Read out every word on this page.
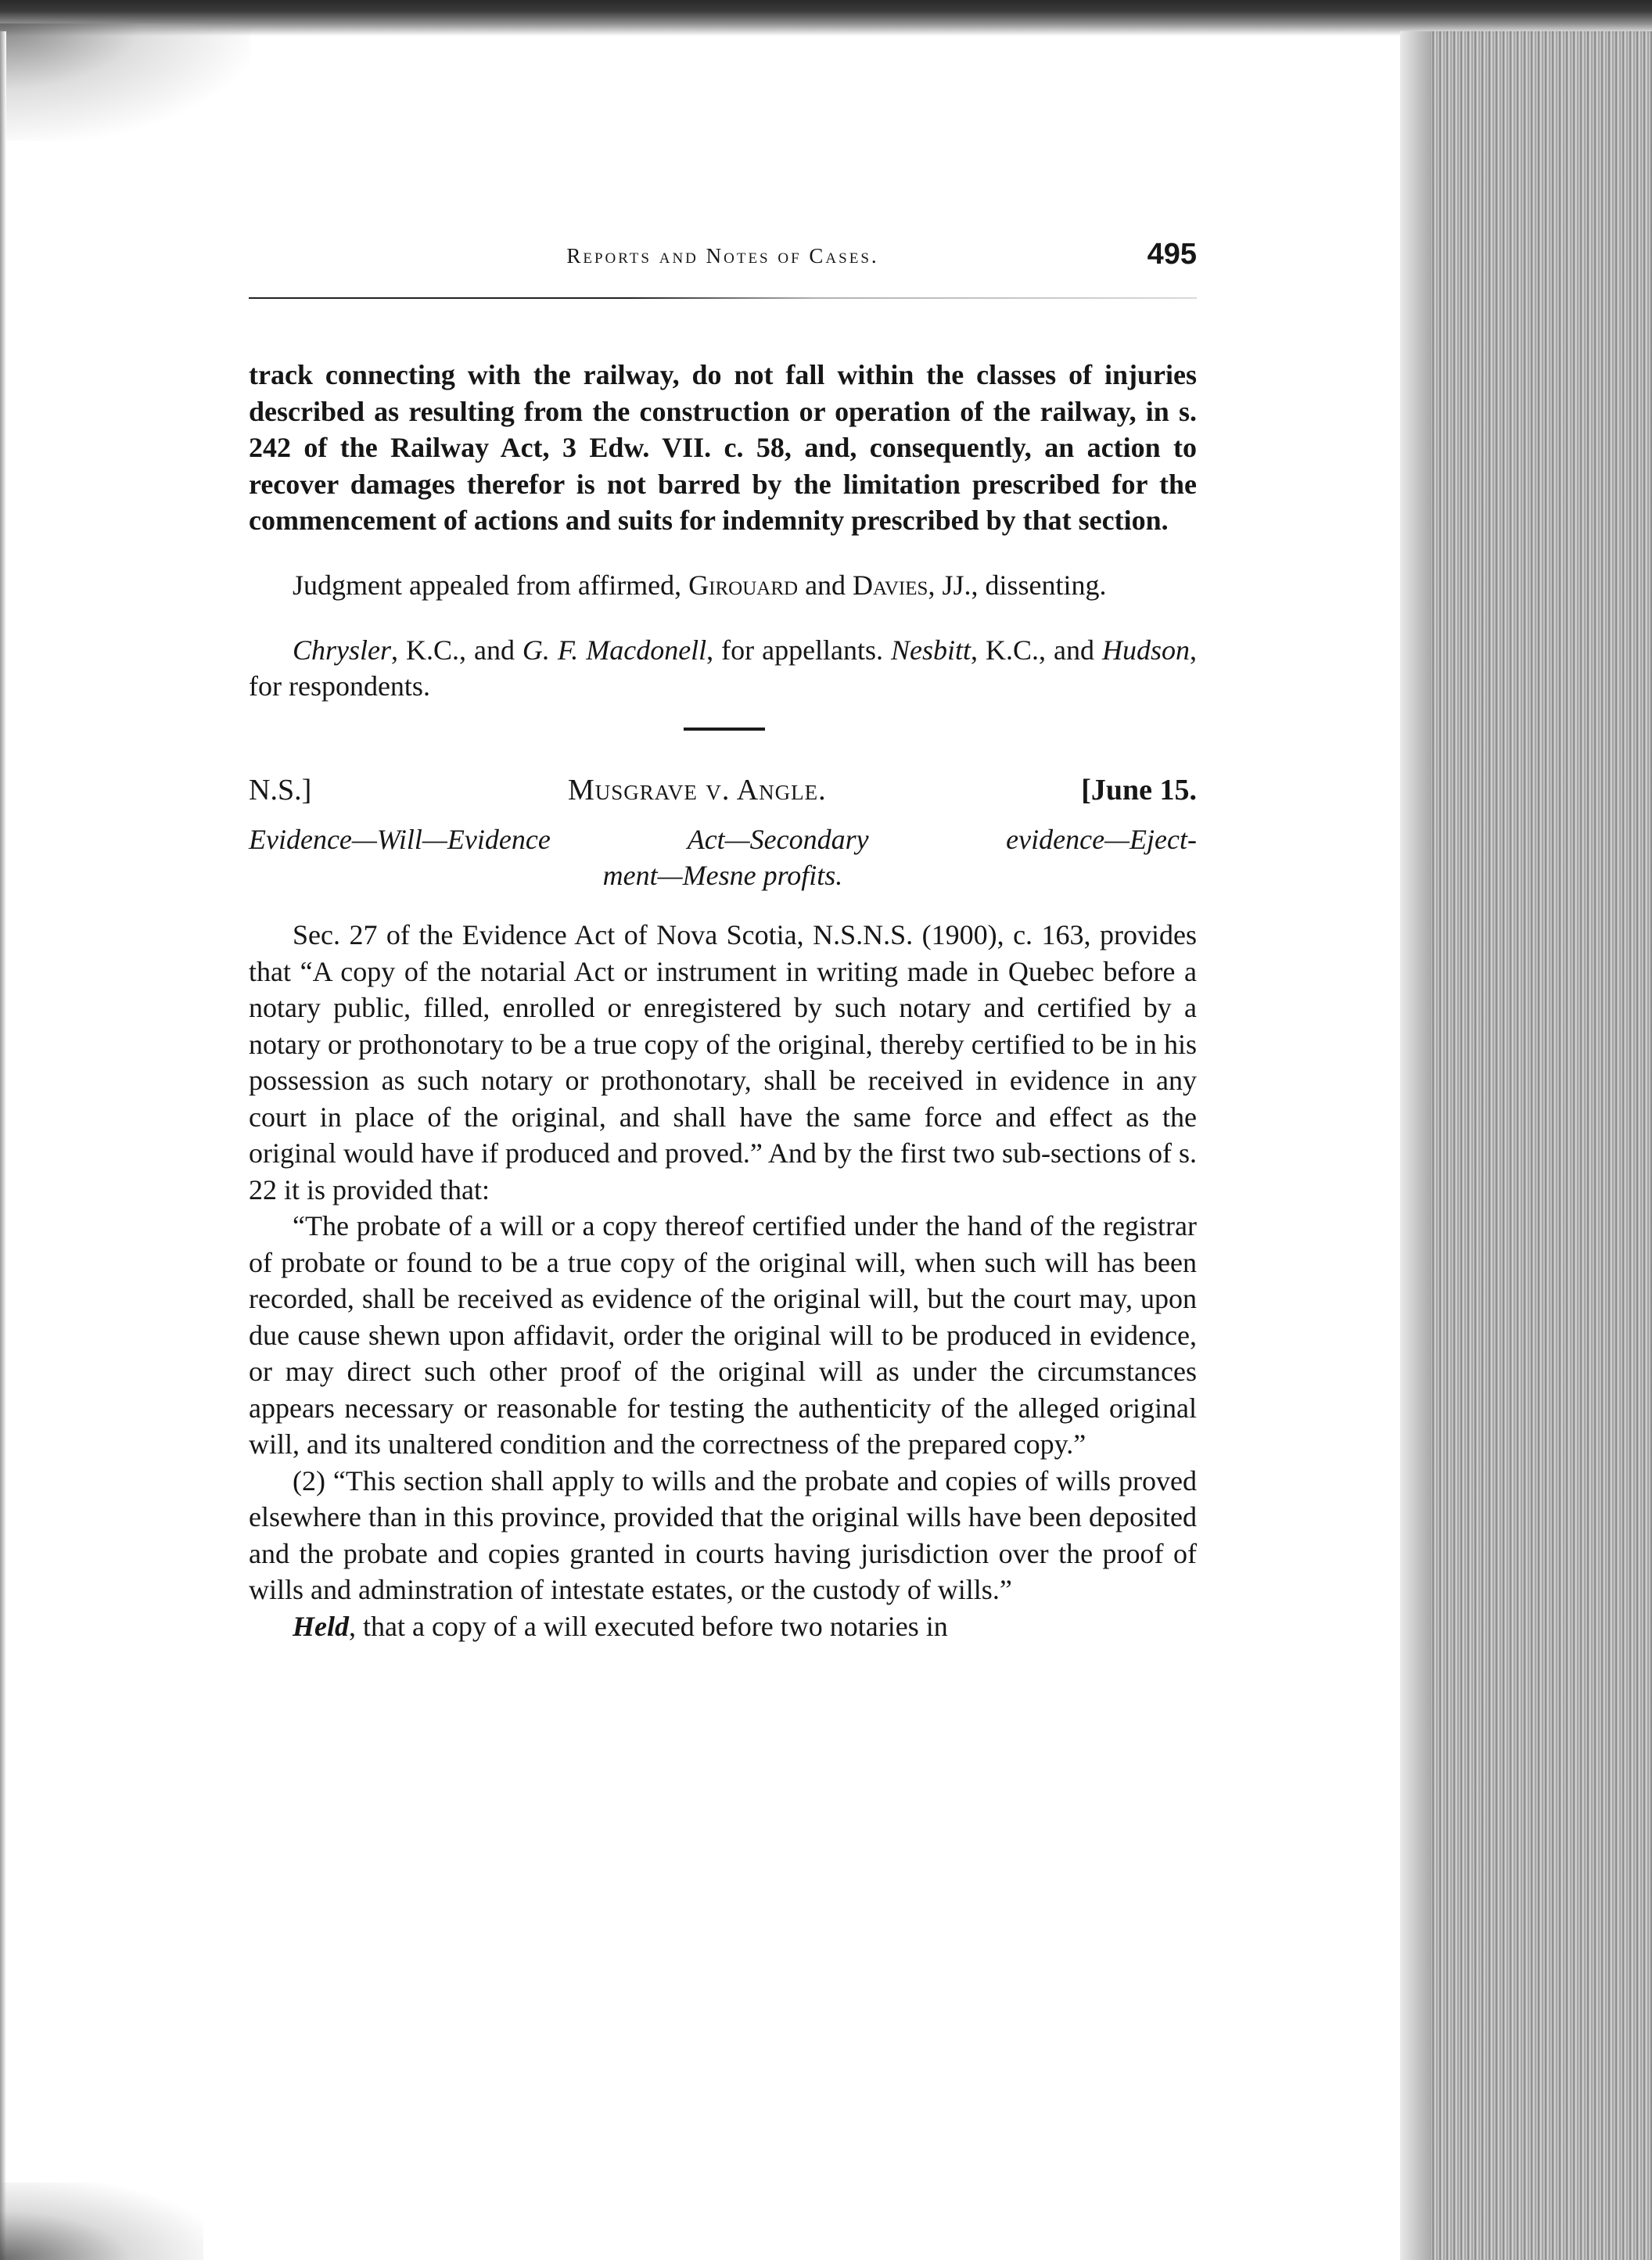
Reports and Notes of Cases.	495

track connecting with the railway, do not fall within the classes of injuries described as resulting from the construction or operation of the railway, in s. 242 of the Railway Act, 3 Edw. VII. c. 58, and, consequently, an action to recover damages therefor is not barred by the limitation prescribed for the commencement of actions and suits for indemnity prescribed by that section.

Judgment appealed from affirmed, Girouard and Davies, JJ., dissenting.

Chrysler, K.C., and G. F. Macdonell, for appellants. Nesbitt, K.C., and Hudson, for respondents.

N.S.]	Musgrave v. Angle.	[June 15.
Evidence—Will—Evidence Act—Secondary evidence—Eject-
ment—Mesne profits.

Sec. 27 of the Evidence Act of Nova Scotia, N.S.N.S. (1900), c. 163, provides that “A copy of the notarial Act or instrument in writing made in Quebec before a notary public, filled, enrolled or enregistered by such notary and certified by a notary or prothonotary to be a true copy of the original, thereby certified to be in his possession as such notary or prothonotary, shall be received in evidence in any court in place of the original, and shall have the same force and effect as the original would have if produced and proved.” And by the first two sub-sections of s. 22 it is provided that:

“The probate of a will or a copy thereof certified under the hand of the registrar of probate or found to be a true copy of the original will, when such will has been recorded, shall be received as evidence of the original will, but the court may, upon due cause shewn upon affidavit, order the original will to be produced in evidence, or may direct such other proof of the original will as under the circumstances appears necessary or reasonable for testing the authenticity of the alleged original will, and its unaltered condition and the correctness of the prepared copy.”

(2) “This section shall apply to wills and the probate and copies of wills proved elsewhere than in this province, provided that the original wills have been deposited and the probate and copies granted in courts having jurisdiction over the proof of wills and adminstration of intestate estates, or the custody of wills.”

Held, that a copy of a will executed before two notaries in
